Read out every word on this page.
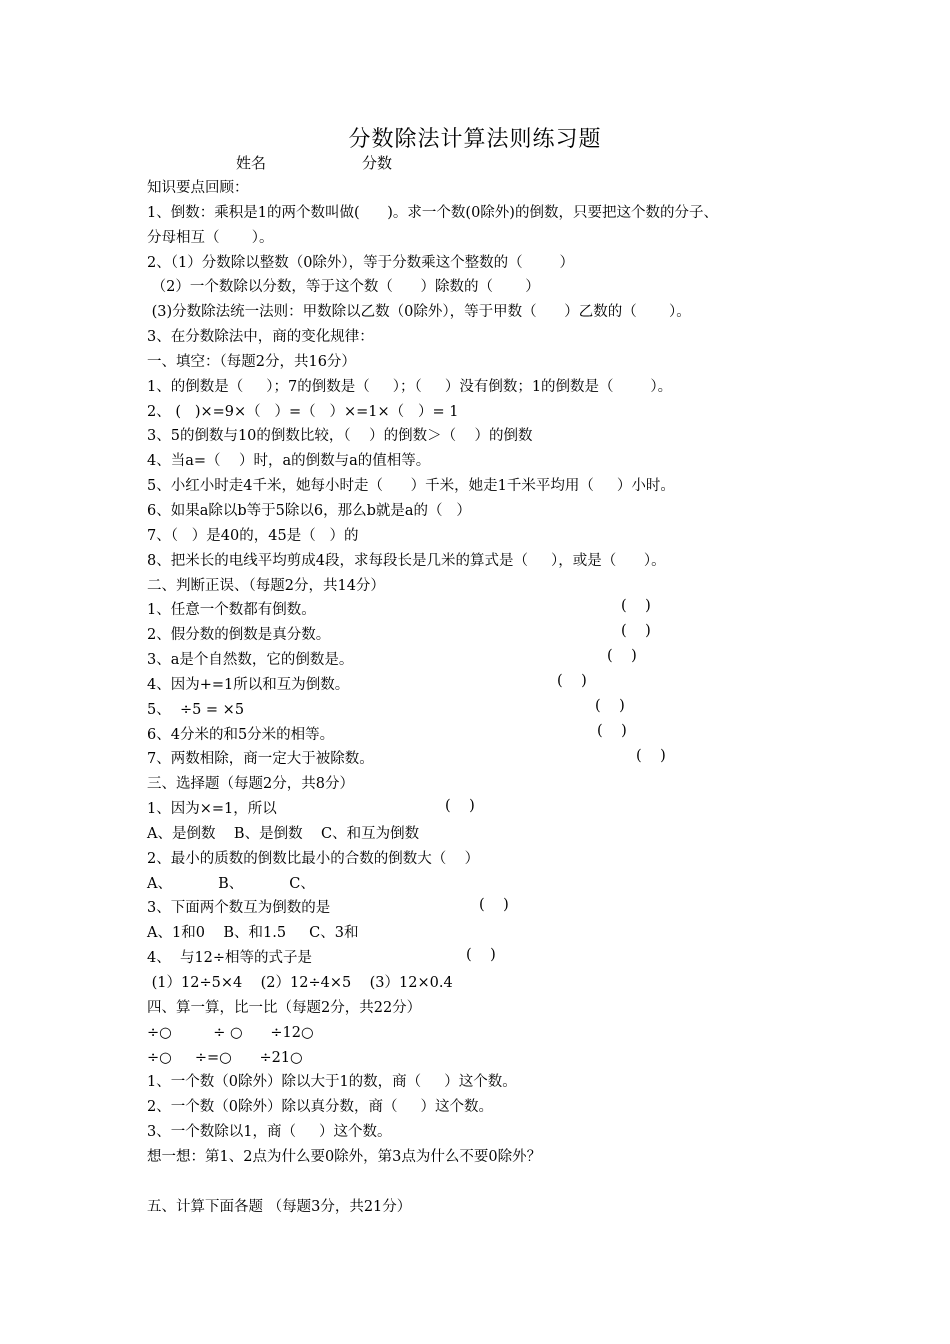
分数除法计算法则练习题
姓名	分数
知识要点回顾：
1、倒数：乘积是1的两个数叫做(      )。求一个数(0除外)的倒数，只要把这个数的分子、
分母相互（       ）。
2、（1）分数除以整数（0除外），等于分数乘这个整数的（        ）
（2）一个数除以分数，等于这个数（      ）除数的（       ）
(3)分数除法统一法则：甲数除以乙数（0除外），等于甲数（      ）乙数的（       ）。
3、在分数除法中，商的变化规律：
一、填空：（每题2分，共16分）
1、的倒数是（     ）；7的倒数是（     ）；（     ）没有倒数；1的倒数是（        ）。
2、 (   )×=9×（   ）=（   ）×=1×（   ）= 1
3、5的倒数与10的倒数比较，（    ）的倒数＞（    ）的倒数
4、当a=（    ）时，a的倒数与a的值相等。
5、小红小时走4千米，她每小时走（      ）千米，她走1千米平均用（     ）小时。
6、如果a除以b等于5除以6，那么b就是a的（   ）
7、（   ）是40的，45是（   ）的
8、把米长的电线平均剪成4段，求每段长是几米的算式是（     ），或是（      ）。
二、判断正误、（每题2分，共14分）
1、任意一个数都有倒数。
2、假分数的倒数是真分数。
3、a是个自然数，它的倒数是。
4、因为+=1所以和互为倒数。
5、  ÷5 = ×5
6、4分米的和5分米的相等。
7、两数相除，商一定大于被除数。
三、选择题（每题2分，共8分）
1、因为×=1，所以
A、是倒数    B、是倒数    C、和互为倒数
2、最小的质数的倒数比最小的合数的倒数大（    ）
A、          B、          C、
3、下面两个数互为倒数的是
A、1和0    B、和1.5     C、3和
4、  与12÷相等的式子是
(1）12÷5×4    (2）12÷4×5    (3）12×0.4
四、算一算，比一比（每题2分，共22分）
÷○         ÷ ○      ÷12○
÷○     ÷=○      ÷21○
1、一个数（0除外）除以大于1的数，商（     ）这个数。
2、一个数（0除外）除以真分数，商（     ）这个数。
3、一个数除以1，商（     ）这个数。
想一想：第1、2点为什么要0除外，第3点为什么不要0除外？
五、计算下面各题 （每题3分，共21分）
(    )
(    )
(    )
(    )
(    )
(    )
(    )
(    )
(    )
(    )
